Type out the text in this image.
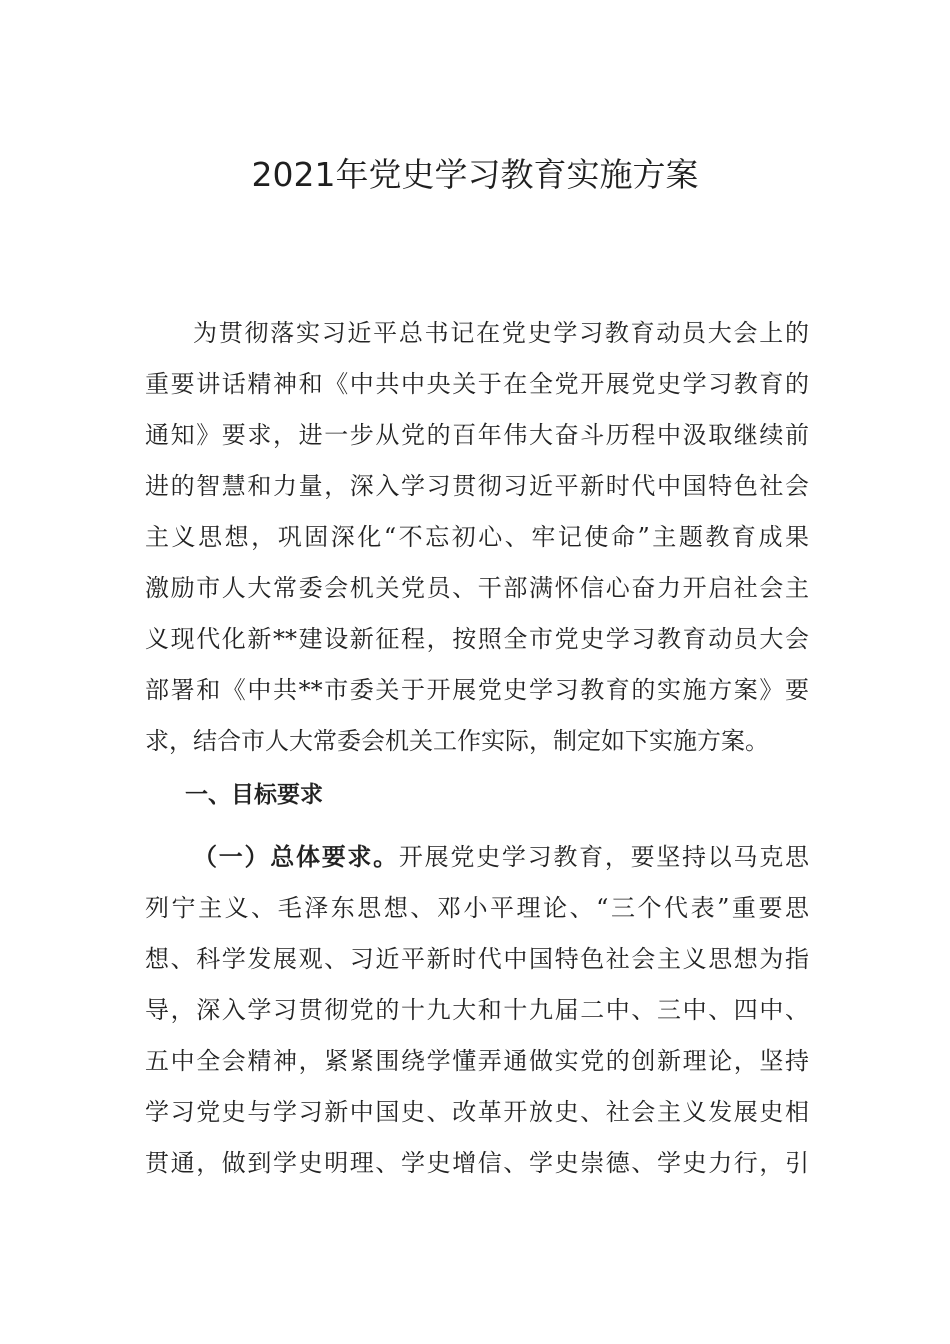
2021年党史学习教育实施方案
为贯彻落实习近平总书记在党史学习教育动员大会上的
重要讲话精神和《中共中央关于在全党开展党史学习教育的
通知》要求，进一步从党的百年伟大奋斗历程中汲取继续前
进的智慧和力量，深入学习贯彻习近平新时代中国特色社会
主义思想，巩固深化“不忘初心、牢记使命”主题教育成果
激励市人大常委会机关党员、干部满怀信心奋力开启社会主
义现代化新**建设新征程，按照全市党史学习教育动员大会
部署和《中共**市委关于开展党史学习教育的实施方案》要
求，结合市人大常委会机关工作实际，制定如下实施方案。
一、目标要求
（一）总体要求。开展党史学习教育，要坚持以马克思
列宁主义、毛泽东思想、邓小平理论、“三个代表”重要思
想、科学发展观、习近平新时代中国特色社会主义思想为指
导，深入学习贯彻党的十九大和十九届二中、三中、四中、
五中全会精神，紧紧围绕学懂弄通做实党的创新理论，坚持
学习党史与学习新中国史、改革开放史、社会主义发展史相
贯通，做到学史明理、学史增信、学史崇德、学史力行，引
